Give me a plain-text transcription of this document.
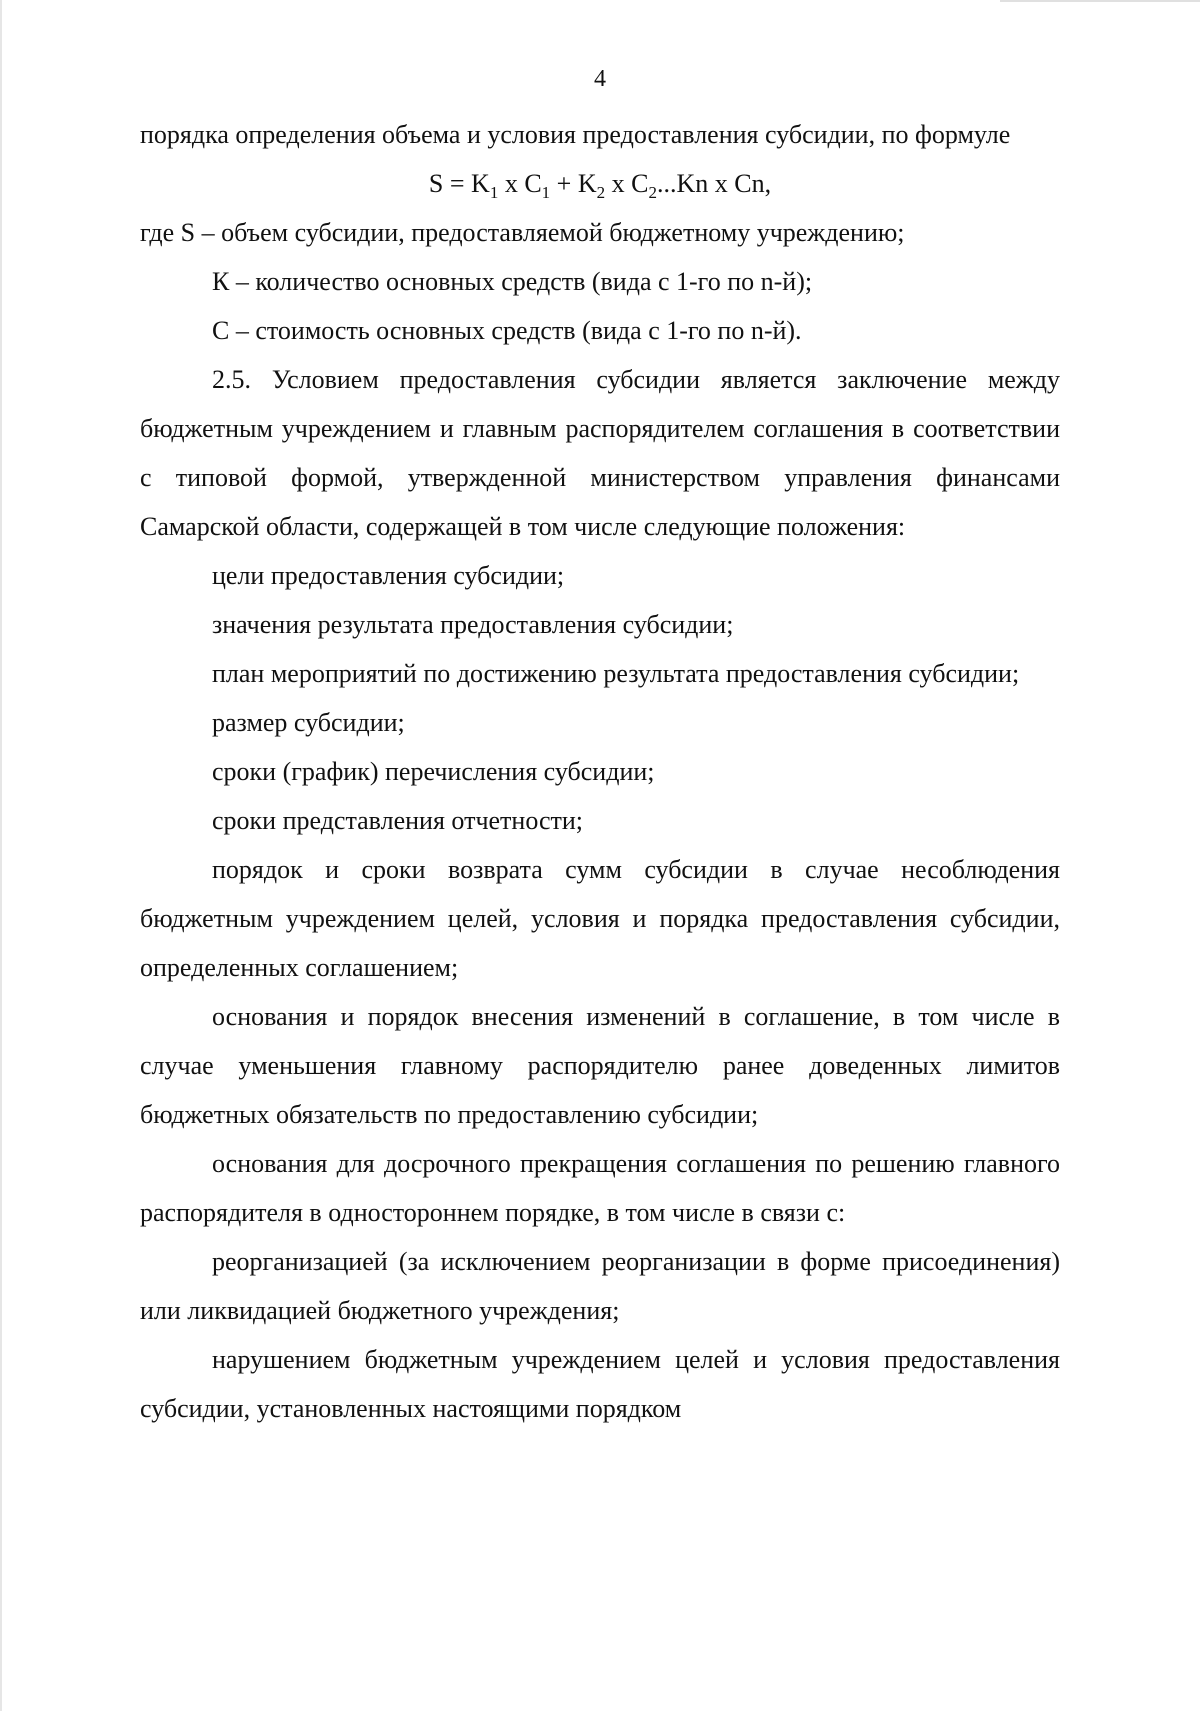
4

порядка определения объема и условия предоставления субсидии, по формуле

$S = K_1$ x $C_1 + K_2$ x $C_2...Kn$ x Cn,

где S – объем субсидии, предоставляемой бюджетному учреждению;

К – количество основных средств (вида с 1-го по n-й);

С – стоимость основных средств (вида с 1-го по n-й).

2.5. Условием предоставления субсидии является заключение между бюджетным учреждением и главным распорядителем соглашения в соответствии с типовой формой, утвержденной министерством управления финансами Самарской области, содержащей в том числе следующие положения:

цели предоставления субсидии;

значения результата предоставления субсидии;

план мероприятий по достижению результата предоставления субсидии;

размер субсидии;

сроки (график) перечисления субсидии;

сроки представления отчетности;

порядок и сроки возврата сумм субсидии в случае несоблюдения бюджетным учреждением целей, условия и порядка предоставления субсидии, определенных соглашением;

основания и порядок внесения изменений в соглашение, в том числе в случае уменьшения главному распорядителю ранее доведенных лимитов бюджетных обязательств по предоставлению субсидии;

основания для досрочного прекращения соглашения по решению главного распорядителя в одностороннем порядке, в том числе в связи с:

реорганизацией (за исключением реорганизации в форме присоединения) или ликвидацией бюджетного учреждения;

нарушением бюджетным учреждением целей и условия предоставления субсидии, установленных настоящими порядком
